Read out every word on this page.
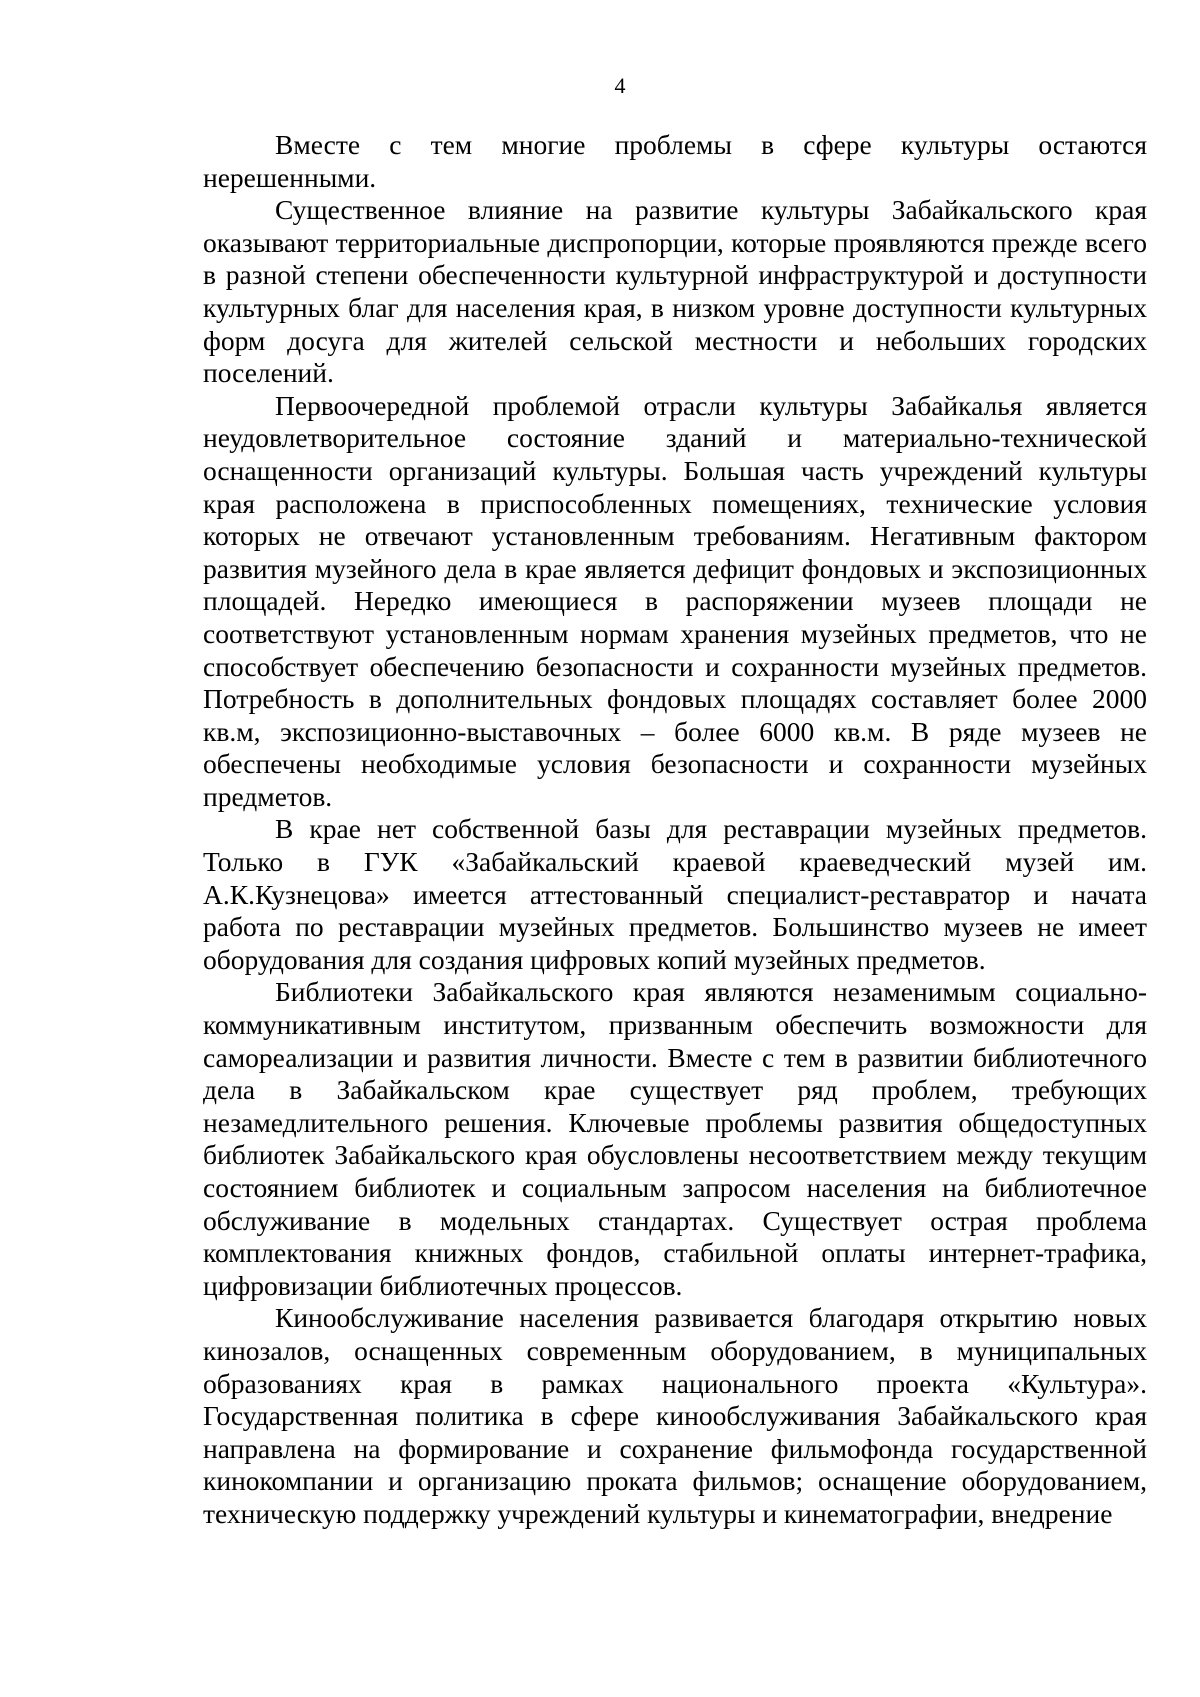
4

Вместе с тем многие проблемы в сфере культуры остаются нерешенными.

Существенное влияние на развитие культуры Забайкальского края оказывают территориальные диспропорции, которые проявляются прежде всего в разной степени обеспеченности культурной инфраструктурой и доступности культурных благ для населения края, в низком уровне доступности культурных форм досуга для жителей сельской местности и небольших городских поселений.

Первоочередной проблемой отрасли культуры Забайкалья является неудовлетворительное состояние зданий и материально-технической оснащенности организаций культуры. Большая часть учреждений культуры края расположена в приспособленных помещениях, технические условия которых не отвечают установленным требованиям. Негативным фактором развития музейного дела в крае является дефицит фондовых и экспозиционных площадей. Нередко имеющиеся в распоряжении музеев площади не соответствуют установленным нормам хранения музейных предметов, что не способствует обеспечению безопасности и сохранности музейных предметов. Потребность в дополнительных фондовых площадях составляет более 2000 кв.м, экспозиционно-выставочных – более 6000 кв.м. В ряде музеев не обеспечены необходимые условия безопасности и сохранности музейных предметов.

В крае нет собственной базы для реставрации музейных предметов. Только в ГУК «Забайкальский краевой краеведческий музей им. А.К.Кузнецова» имеется аттестованный специалист-реставратор и начата работа по реставрации музейных предметов. Большинство музеев не имеет оборудования для создания цифровых копий музейных предметов.

Библиотеки Забайкальского края являются незаменимым социально-коммуникативным институтом, призванным обеспечить возможности для самореализации и развития личности. Вместе с тем в развитии библиотечного дела в Забайкальском крае существует ряд проблем, требующих незамедлительного решения. Ключевые проблемы развития общедоступных библиотек Забайкальского края обусловлены несоответствием между текущим состоянием библиотек и социальным запросом населения на библиотечное обслуживание в модельных стандартах. Существует острая проблема комплектования книжных фондов, стабильной оплаты интернет-трафика, цифровизации библиотечных процессов.

Кинообслуживание населения развивается благодаря открытию новых кинозалов, оснащенных современным оборудованием, в муниципальных образованиях края в рамках национального проекта «Культура». Государственная политика в сфере кинообслуживания Забайкальского края направлена на формирование и сохранение фильмофонда государственной кинокомпании и организацию проката фильмов; оснащение оборудованием, техническую поддержку учреждений культуры и кинематографии, внедрение
